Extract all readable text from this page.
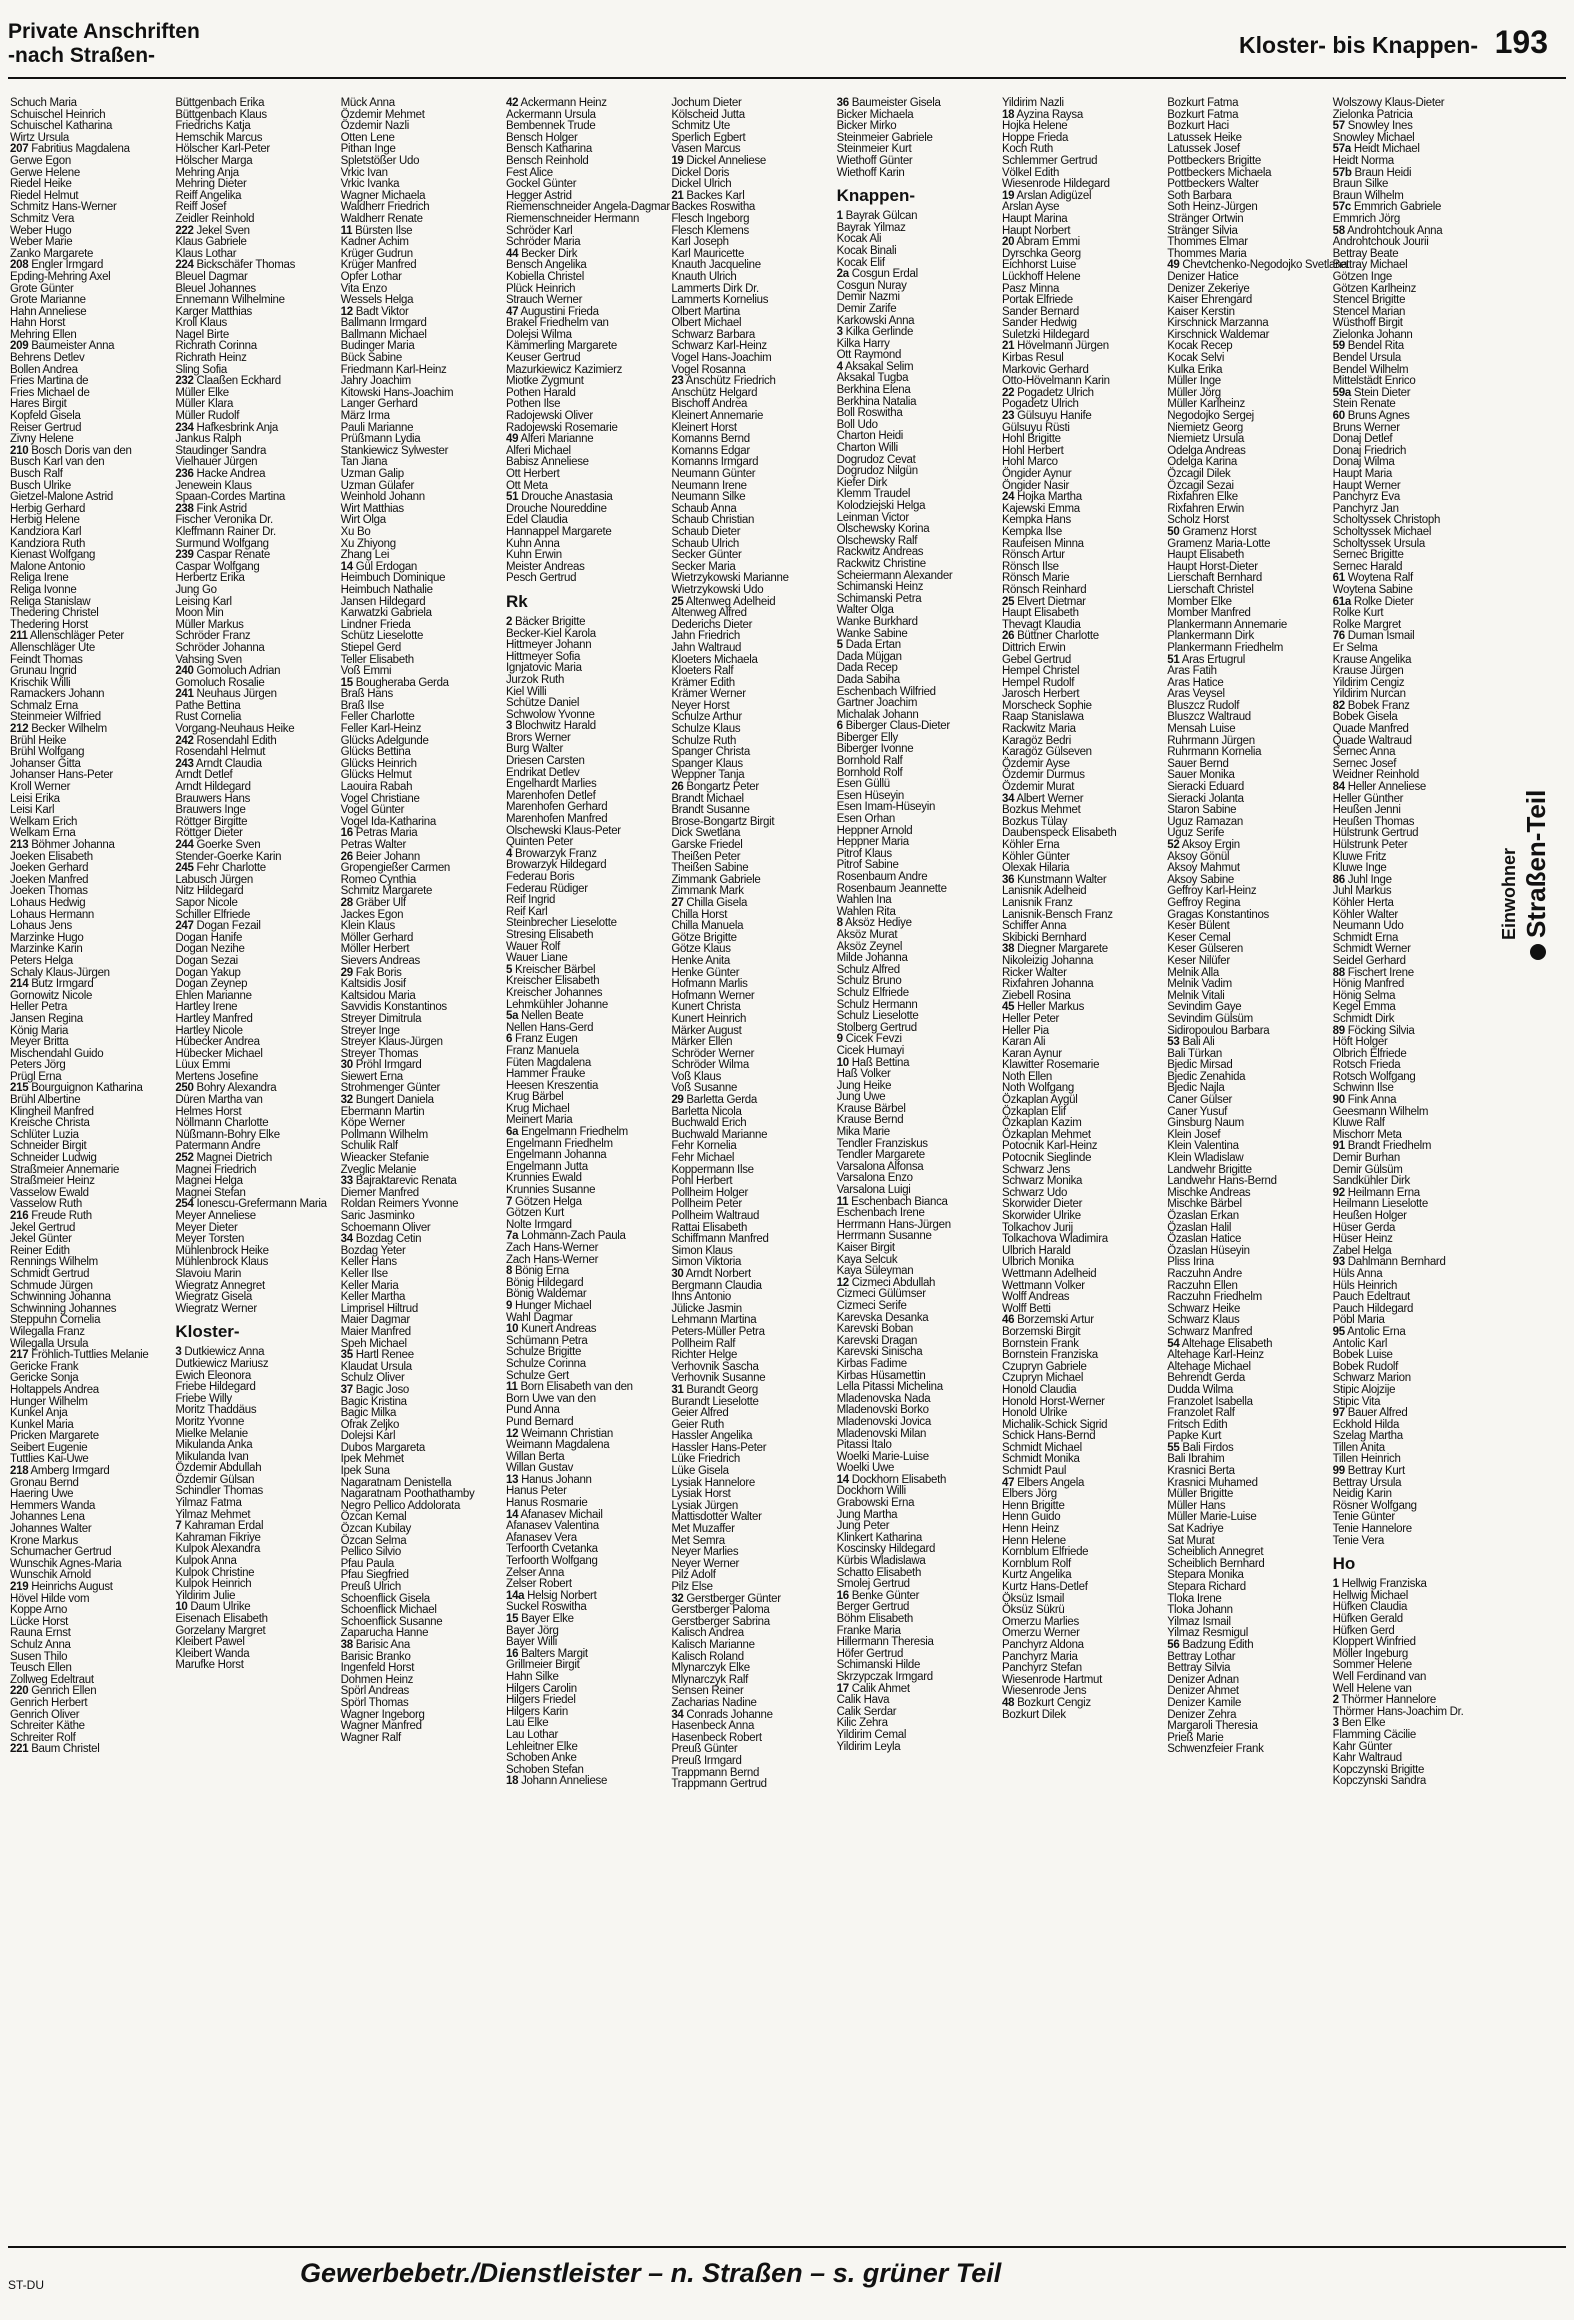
Private Anschriften
-nach Straßen-	Kloster- bis Knappen- 193
Schuch Maria
Schuischel Heinrich
Schuischel Katharina
Wirtz Ursula
207 Fabritius Magdalena
Gerwe Egon
Gerwe Helene
Riedel Heike
Riedel Helmut
Schmitz Hans-Werner
Schmitz Vera
Weber Hugo
Weber Marie
Zanko Margarete
208 Engler Irmgard
Epding-Mehring Axel
Grote Günter
Grote Marianne
Hahn Anneliese
Hahn Horst
Mehring Ellen
209 Baumeister Anna
Behrens Detlev
Bollen Andrea
Fries Martina de
Fries Michael de
Hares Birgit
Kopfeld Gisela
Reiser Gertrud
Zivny Helene
210 Bosch Doris van den
Busch Karl van den
Busch Ralf
Busch Ulrike
Gietzel-Malone Astrid
Herbig Gerhard
Herbig Helene
Kandziora Karl
Kandziora Ruth
Kienast Wolfgang
Malone Antonio
Religa Irene
Religa Ivonne
Religa Stanislaw
Thedering Christel
Thedering Horst
211 Allenschläger Peter
Allenschläger Ute
Feindt Thomas
Grunau Ingrid
Krischik Willi
Ramackers Johann
Schmalz Erna
Steinmeier Wilfried
212 Becker Wilhelm
Brühl Heike
Brühl Wolfgang
Johanser Gitta
Johanser Hans-Peter
Kroll Werner
Leisi Erika
Leisi Karl
Welkam Erich
Welkam Erna
213 Böhmer Johanna
Joeken Elisabeth
Joeken Gerhard
Joeken Manfred
Joeken Thomas
Lohaus Hedwig
Lohaus Hermann
Lohaus Jens
Marzinke Hugo
Marzinke Karin
Peters Helga
Schaly Klaus-Jürgen
214 Butz Irmgard
Gornowitz Nicole
Heller Petra
Jansen Regina
König Maria
Meyer Britta
Mischendahl Guido
Peters Jörg
Prügl Erna
215 Bourguignon Katharina
Brühl Albertine
Klingheil Manfred
Kreische Christa
Schlüter Luzia
Schneider Birgit
Schneider Ludwig
Straßmeier Annemarie
Straßmeier Heinz
Vasselow Ewald
Vasselow Ruth
216 Freude Ruth
Jekel Gertrud
Jekel Günter
Reiner Edith
Rennings Wilhelm
Schmidt Gertrud
Schmude Jürgen
Schwinning Johanna
Schwinning Johannes
Steppuhn Cornelia
Wilegalla Franz
Wilegalla Ursula
217 Fröhlich-Tuttlies Melanie
Gericke Frank
Gericke Sonja
Holtappels Andrea
Hunger Wilhelm
Kunkel Anja
Kunkel Maria
Pricken Margarete
Seibert Eugenie
Tuttlies Kai-Uwe
218 Amberg Irmgard
Gronau Bernd
Haering Uwe
Hemmers Wanda
Johannes Lena
Johannes Walter
Krone Markus
Schumacher Gertrud
Wunschik Agnes-Maria
Wunschik Arnold
219 Heinrichs August
Hövel Hilde vom
Koppe Arno
Lücke Horst
Rauna Ernst
Schulz Anna
Susen Thilo
Teusch Ellen
Zollweg Edeltraut
220 Genrich Ellen
Genrich Herbert
Genrich Oliver
Schreiter Käthe
Schreiter Rolf
221 Baum Christel
Büttgenbach Erika
Büttgenbach Klaus
Friedrichs Katja
Hemschik Marcus
Hölscher Karl-Peter
Hölscher Marga
Mehring Anja
Mehring Dieter
Reiff Angelika
Reiff Josef
Zeidler Reinhold
222 Jekel Sven
Klaus Gabriele
Klaus Lothar
224 Bickschäfer Thomas
Bleuel Dagmar
Bleuel Johannes
Ennemann Wilhelmine
Karger Matthias
Kroll Klaus
Nagel Birte
Richrath Corinna
Richrath Heinz
Sling Sofia
232 Claaßen Eckhard
Müller Elke
Müller Klara
Müller Rudolf
234 Hafkesbrink Anja
Jankus Ralph
Staudinger Sandra
Vielhauer Jürgen
236 Hacke Andrea
Jenewein Klaus
Spaan-Cordes Martina
238 Fink Astrid
Fischer Veronika Dr.
Kleffmann Rainer Dr.
Surmund Wolfgang
239 Caspar Renate
Caspar Wolfgang
Herbertz Erika
Jung Go
Leising Karl
Moon Min
Müller Markus
Schröder Franz
Schröder Johanna
Vahsing Sven
240 Gomoluch Adrian
Gomoluch Rosalie
241 Neuhaus Jürgen
Pathe Bettina
Rust Cornelia
Vorgang-Neuhaus Heike
242 Rosendahl Edith
Rosendahl Helmut
243 Arndt Claudia
Arndt Detlef
Arndt Hildegard
Brauwers Hans
Brauwers Inge
Röttger Birgitte
Röttger Dieter
244 Goerke Sven
Stender-Goerke Karin
245 Fehr Charlotte
Labusch Jürgen
Nitz Hildegard
Sapor Nicole
Schiller Elfriede
247 Dogan Fezail
Dogan Hanife
Dogan Nezihe
Dogan Sezai
Dogan Yakup
Dogan Zeynep
Ehlen Marianne
Hartley Irene
Hartley Manfred
Hartley Nicole
Hübecker Andrea
Hübecker Michael
Lüux Emmi
Mertens Josefine
250 Bohry Alexandra
Düren Martha van
Helmes Horst
Nöllmann Charlotte
Nüßmann-Bohry Elke
Patermann Andre
252 Magnei Dietrich
Magnei Friedrich
Magnei Helga
Magnei Stefan
254 Ionescu-Grefermann Maria
Meyer Anneliese
Meyer Dieter
Meyer Torsten
Mühlenbrock Heike
Mühlenbrock Klaus
Slavoiu Marin
Wiegratz Annegret
Wiegratz Gisela
Wiegratz Werner
Kloster-
3 Dutkiewicz Anna
Dutkiewicz Mariusz
Ewich Eleonora
Friebe Hildegard
Friebe Willy
Moritz Thaddäus
Moritz Yvonne
Mielke Melanie
Mikulanda Anka
Mikulanda Ivan
Özdemir Abdullah
Özdemir Gülsan
Schindler Thomas
Yilmaz Fatma
Yilmaz Mehmet
7 Kahraman Erdal
Kahraman Fikriye
Kulpok Alexandra
Kulpok Anna
Kulpok Christine
Kulpok Heinrich
Yildirim Julie
10 Daum Ulrike
Eisenach Elisabeth
Gorzelany Margret
Kleibert Pawel
Kleibert Wanda
Marufke Horst
Mück Anna
Özdemir Mehmet
Özdemir Nazli
Otten Lene
Pithan Inge
Spletstößer Udo
Vrkic Ivan
Vrkic Ivanka
Wagner Michaela
Waldherr Friedrich
Waldherr Renate
11 Bürsten Ilse
Kadner Achim
Krüger Gudrun
Krüger Manfred
Opfer Lothar
Vita Enzo
Wessels Helga
12 Badt Viktor
Ballmann Irmgard
Ballmann Michael
Budinger Maria
Bück Sabine
Friedmann Karl-Heinz
Jahry Joachim
Kitowski Hans-Joachim
Langer Gerhard
März Irma
Pauli Marianne
Prüßmann Lydia
Stankiewicz Sylwester
Tan Jiana
Uzman Galip
Uzman Gülafer
Weinhold Johann
Wirt Matthias
Wirt Olga
Xu Bo
Xu Zhiyong
Zhang Lei
14 Gül Erdogan
Heimbuch Dominique
Heimbuch Nathalie
Jansen Hildegard
Karwatzki Gabriela
Lindner Frieda
Schütz Lieselotte
Stiepel Gerd
Teller Elisabeth
Voß Emmi
15 Bougheraba Gerda
Braß Hans
Braß Ilse
Feller Charlotte
Feller Karl-Heinz
Glücks Adelgunde
Glücks Bettina
Glücks Heinrich
Glücks Helmut
Laouira Rabah
Vogel Christiane
Vogel Günter
Vogel Ida-Katharina
16 Petras Maria
Petras Walter
26 Beier Johann
Gropengießer Carmen
Romeo Cynthia
Schmitz Margarete
28 Gräber Ulf
Jackes Egon
Klein Klaus
Möller Gerhard
Möller Herbert
Sievers Andreas
29 Fak Boris
Kaltsidis Josif
Kaltsidou Maria
Savvidis Konstantinos
Streyer Dimitrula
Streyer Inge
Streyer Klaus-Jürgen
Streyer Thomas
30 Pröhl Irmgard
Siewert Erna
Strohmenger Günter
32 Bungert Daniela
Ebermann Martin
Köpe Werner
Pollmann Wilhelm
Schulik Ralf
Wieacker Stefanie
Zveglic Melanie
33 Bajraktarevic Renata
Diemer Manfred
Roldan Reimers Yvonne
Saric Jasminko
Schoemann Oliver
34 Bozdag Cetin
Bozdag Yeter
Keller Hans
Keller Ilse
Keller Maria
Keller Martha
Limprisel Hiltrud
Maier Dagmar
Maier Manfred
Speh Michael
35 Hartl Renee
Klaudat Ursula
Schulz Oliver
37 Bagic Joso
Bagic Kristina
Bagic Milka
Ofrak Zeljko
Dolejsi Karl
Dubos Margareta
Ipek Mehmet
Ipek Suna
Nagaratnam Denistella
Nagaratnam Poothathamby
Negro Pellico Addolorata
Özcan Kemal
Özcan Kubilay
Özcan Selma
Pellico Silvio
Pfau Paula
Pfau Siegfried
Preuß Ulrich
Schoenflick Gisela
Schoenflick Michael
Schoenflick Susanne
Zaparucha Hanne
38 Barisic Ana
Barisic Branko
Ingenfeld Horst
Dohmen Heinz
Spörl Andreas
Spörl Thomas
Wagner Ingeborg
Wagner Manfred
Wagner Ralf
42 Ackermann Heinz
Ackermann Ursula
Bembennek Trude
Bensch Holger
Bensch Katharina
Bensch Reinhold
Fest Alice
Gockel Günter
Hegger Astrid
Riemenschneider Angela-Dagmar
Riemenschneider Hermann
Schröder Karl
Schröder Maria
44 Becker Dirk
Bensch Angelika
Kobiella Christel
Plück Heinrich
Strauch Werner
47 Augustini Frieda
Brakel Friedhelm van
Dolejsi Wilma
Kämmerling Margarete
Keuser Gertrud
Mazurkiewicz Kazimierz
Miotke Zygmunt
Pothen Harald
Pothen Ilse
Radojewski Oliver
Radojewski Rosemarie
49 Alferi Marianne
Alferi Michael
Babisz Anneliese
Ott Herbert
Ott Meta
51 Drouche Anastasia
Drouche Noureddine
Edel Claudia
Hannappel Margarete
Kuhn Anna
Kuhn Erwin
Meister Andreas
Pesch Gertrud
Rk
2 Bäcker Brigitte
Becker-Kiel Karola
Hittmeyer Johann
Hittmeyer Sofia
Ignjatovic Maria
Jurzok Ruth
Kiel Willi
Schütze Daniel
Schwolow Yvonne
3 Blochwitz Harald
Brors Werner
Burg Walter
Driesen Carsten
Endrikat Detlev
Engelhardt Marlies
Marenhofen Detlef
Marenhofen Gerhard
Marenhofen Manfred
Olschewski Klaus-Peter
Quinten Peter
4 Browarzyk Franz
Browarzyk Hildegard
Federau Boris
Federau Rüdiger
Reif Ingrid
Reif Karl
Steinbrecher Lieselotte
Stresing Elisabeth
Wauer Rolf
Wauer Liane
5 Kreischer Bärbel
Kreischer Elisabeth
Kreischer Johannes
Lehmkühler Johanne
5a Nellen Beate
Nellen Hans-Gerd
6 Franz Eugen
Franz Manuela
Füten Magdalena
Hammer Frauke
Heesen Kreszentia
Krug Bärbel
Krug Michael
Meinert Maria
6a Engelmann Friedhelm
Engelmann Friedhelm
Engelmann Johanna
Engelmann Jutta
Krunnies Ewald
Krunnies Susanne
7 Götzen Helga
Götzen Kurt
Nolte Irmgard
7a Lohmann-Zach Paula
Zach Hans-Werner
Zach Hans-Werner
8 Bönig Erna
Bönig Hildegard
Bönig Waldemar
9 Hunger Michael
Wahl Dagmar
10 Kunert Andreas
Schümann Petra
Schulze Brigitte
Schulze Corinna
Schulze Gert
11 Born Elisabeth van den
Born Uwe van den
Pund Anna
Pund Bernard
12 Weimann Christian
Weimann Magdalena
Willan Berta
Willan Gustav
13 Hanus Johann
Hanus Peter
Hanus Rosmarie
14 Afanasev Michail
Afanasev Valentina
Afanasev Vera
Terfoorth Cvetanka
Terfoorth Wolfgang
Zelser Anna
Zelser Robert
14a Helsig Norbert
Suckel Roswitha
15 Bayer Elke
Bayer Jörg
Bayer Willi
16 Balters Margit
Grillmeier Birgit
Hahn Silke
Hilgers Carolin
Hilgers Friedel
Hilgers Karin
Lau Elke
Lau Lothar
Lehleitner Elke
Schoben Anke
Schoben Stefan
18 Johann Anneliese
Jochum Dieter
Kölscheid Jutta
Schmitz Ute
Sperlich Egbert
Vasen Marcus
19 Dickel Anneliese
Dickel Doris
Dickel Ulrich
21 Backes Karl
Backes Roswitha
Flesch Ingeborg
Flesch Klemens
Karl Joseph
Karl Mauricette
Knauth Jacqueline
Knauth Ulrich
Lammerts Dirk Dr.
Lammerts Kornelius
Olbert Martina
Olbert Michael
Schwarz Barbara
Schwarz Karl-Heinz
Vogel Hans-Joachim
Vogel Rosanna
23 Anschütz Friedrich
Anschütz Helgard
Bischoff Andrea
Kleinert Annemarie
Kleinert Horst
Komanns Bernd
Komanns Edgar
Komanns Irmgard
Neumann Günter
Neumann Irene
Neumann Silke
Schaub Anna
Schaub Christian
Schaub Dieter
Schaub Ulrich
Secker Günter
Secker Maria
Wietrzykowski Marianne
Wietrzykowski Udo
25 Altenweg Adelheid
Altenweg Alfred
Dederichs Dieter
Jahn Friedrich
Jahn Waltraud
Kloeters Michaela
Kloeters Ralf
Krämer Edith
Krämer Werner
Neyer Horst
Schulze Arthur
Schulze Klaus
Schulze Ruth
Spanger Christa
Spanger Klaus
Weppner Tanja
26 Bongartz Peter
Brandt Michael
Brandt Susanne
Brose-Bongartz Birgit
Dick Swetlana
Garske Friedel
Theißen Peter
Theißen Sabine
Zimmank Gabriele
Zimmank Mark
27 Chilla Gisela
Chilla Horst
Chilla Manuela
Götze Brigitte
Götze Klaus
Henke Anita
Henke Günter
Hofmann Marlis
Hofmann Werner
Kunert Christa
Kunert Heinrich
Märker August
Märker Ellen
Schröder Werner
Schröder Wilma
Voß Klaus
Voß Susanne
29 Barletta Gerda
Barletta Nicola
Buchwald Erich
Buchwald Marianne
Fehr Kornelia
Fehr Michael
Koppermann Ilse
Pohl Herbert
Pollheim Holger
Pollheim Peter
Pollheim Waltraud
Rattai Elisabeth
Schiffmann Manfred
Simon Klaus
Simon Viktoria
30 Arndt Norbert
Bergmann Claudia
Ihns Antonio
Jülicke Jasmin
Lehmann Martina
Peters-Müller Petra
Pollheim Ralf
Richter Helge
Verhovnik Sascha
Verhovnik Susanne
31 Burandt Georg
Burandt Lieselotte
Geier Alfred
Geier Ruth
Hassler Angelika
Hassler Hans-Peter
Lüke Friedrich
Lüke Gisela
Lysiak Hannelore
Lysiak Horst
Lysiak Jürgen
Mattisdotter Walter
Met Muzaffer
Met Semra
Neyer Marlies
Neyer Werner
Pilz Adolf
Pilz Else
32 Gerstberger Günter
Gerstberger Paloma
Gerstberger Sabrina
Kalisch Andrea
Kalisch Marianne
Kalisch Roland
Mlynarczyk Elke
Mlynarczyk Ralf
Sensen Reiner
Zacharias Nadine
34 Conrads Johanne
Hasenbeck Anna
Hasenbeck Robert
Preuß Günter
Preuß Irmgard
Trappmann Bernd
Trappmann Gertrud
36 Baumeister Gisela
Bicker Michaela
Bicker Mirko
Steinmeier Gabriele
Steinmeier Kurt
Wiethoff Günter
Wiethoff Karin
Knappen-
1 Bayrak Gülcan
Bayrak Yilmaz
Kocak Ali
Kocak Binali
Kocak Elif
2a Cosgun Erdal
Cosgun Nuray
Demir Nazmi
Demir Zarife
Karkowski Anna
3 Kilka Gerlinde
Kilka Harry
Ott Raymond
4 Aksakal Selim
Aksakal Tugba
Berkhina Elena
Berkhina Natalia
Boll Roswitha
Boll Udo
Charton Heidi
Charton Willi
Dogrudoz Cevat
Dogrudoz Nilgün
Kiefer Dirk
Klemm Traudel
Kolodziejski Helga
Leinman Victor
Olschewsky Korina
Olschewsky Ralf
Rackwitz Andreas
Rackwitz Christine
Scheiermann Alexander
Schimanski Heinz
Schimanski Petra
Walter Olga
Wanke Burkhard
Wanke Sabine
5 Dada Ertan
Dada Müjgan
Dada Recep
Dada Sabiha
Eschenbach Wilfried
Gartner Joachim
Michalak Johann
6 Biberger Claus-Dieter
Biberger Elly
Biberger Ivonne
Bornhold Ralf
Bornhold Rolf
Esen Güllü
Esen Hüseyin
Esen Imam-Hüseyin
Esen Orhan
Heppner Arnold
Heppner Maria
Pitrof Klaus
Pitrof Sabine
Rosenbaum Andre
Rosenbaum Jeannette
Wahlen Ina
Wahlen Rita
8 Aksöz Hediye
Aksöz Murat
Aksöz Zeynel
Milde Johanna
Schulz Alfred
Schulz Bruno
Schulz Elfriede
Schulz Hermann
Schulz Lieselotte
Stolberg Gertrud
9 Cicek Fevzi
Cicek Humayi
10 Haß Bettina
Haß Volker
Jung Heike
Jung Uwe
Krause Bärbel
Krause Bernd
Mika Marie
Tendler Franziskus
Tendler Margarete
Varsalona Alfonsa
Varsalona Enzo
Varsalona Luigi
11 Eschenbach Bianca
Eschenbach Irene
Herrmann Hans-Jürgen
Herrmann Susanne
Kaiser Birgit
Kaya Selcuk
Kaya Süleyman
12 Cizmeci Abdullah
Cizmeci Gülümser
Cizmeci Serife
Karevska Desanka
Karevski Boban
Karevski Dragan
Karevski Sinischa
Kirbas Fadime
Kirbas Hüsamettin
Lella Pitassi Michelina
Mladenovska Nada
Mladenovski Borko
Mladenovski Jovica
Mladenovski Milan
Pitassi Italo
Woelki Marie-Luise
Woelki Uwe
14 Dockhorn Elisabeth
Dockhorn Willi
Grabowski Erna
Jung Martha
Jung Peter
Klinkert Katharina
Koscinsky Hildegard
Kürbis Wladislawa
Schatto Elisabeth
Smolej Gertrud
16 Benke Günter
Berger Gertrud
Böhm Elisabeth
Franke Maria
Hillermann Theresia
Höfer Gertrud
Schimanski Hilde
Skrzypczak Irmgard
17 Calik Ahmet
Calik Hava
Calik Serdar
Kilic Zehra
Yildirim Cemal
Yildirim Leyla
Yildirim Nazli
18 Ayzina Raysa
Hojka Helene
Hoppe Frieda
Koch Ruth
Schlemmer Gertrud
Völkel Edith
Wiesenrode Hildegard
19 Arslan Adigüzel
Arslan Ayse
Haupt Marina
Haupt Norbert
20 Abram Emmi
Dyrschka Georg
Eichhorst Luise
Lückhoff Helene
Pasz Minna
Portak Elfriede
Sander Bernard
Sander Hedwig
Suletzki Hildegard
21 Hövelmann Jürgen
Kirbas Resul
Markovic Gerhard
Otto-Hövelmann Karin
22 Pogadetz Ulrich
Pogadetz Ulrich
23 Gülsuyu Hanife
Gülsuyu Rüsti
Hohl Brigitte
Hohl Herbert
Hohl Marco
Öngider Aynur
Öngider Nasir
24 Hojka Martha
Kajewski Emma
Kempka Hans
Kempka Ilse
Raufeisen Minna
Rönsch Artur
Rönsch Ilse
Rönsch Marie
Rönsch Reinhard
25 Elvert Dietmar
Haupt Elisabeth
Thevagt Klaudia
26 Büttner Charlotte
Dittrich Erwin
Gebel Gertrud
Hempel Christel
Hempel Rudolf
Jarosch Herbert
Morscheck Sophie
Raap Stanislawa
Rackwitz Maria
Karagöz Bedri
Karagöz Gülseven
Özdemir Ayse
Özdemir Durmus
Özdemir Murat
34 Albert Werner
Bozkus Mehmet
Bozkus Tülay
Daubenspeck Elisabeth
Köhler Erna
Köhler Günter
Olexak Hilaria
36 Kunstmann Walter
Lanisnik Adelheid
Lanisnik Franz
Lanisnik-Bensch Franz
Schiffer Anna
Skibicki Bernhard
38 Diegner Margarete
Nikoleizig Johanna
Ricker Walter
Rixfahren Johanna
Ziebell Rosina
45 Heller Markus
Heller Peter
Heller Pia
Karan Ali
Karan Aynur
Klawitter Rosemarie
Noth Ellen
Noth Wolfgang
Özkaplan Aygül
Özkaplan Elif
Özkaplan Kazim
Özkaplan Mehmet
Potocnik Karl-Heinz
Potocnik Sieglinde
Schwarz Jens
Schwarz Monika
Schwarz Udo
Skorwider Dieter
Skorwider Ulrike
Tolkachov Jurij
Tolkachova Wladimira
Ulbrich Harald
Ulbrich Monika
Wettmann Adelheid
Wettmann Volker
Wolff Andreas
Wolff Betti
46 Borzemski Artur
Borzemski Birgit
Bornstein Frank
Bornstein Franziska
Czupryn Gabriele
Czupryn Michael
Honold Claudia
Honold Horst-Werner
Honold Ulrike
Michalik-Schick Sigrid
Schick Hans-Bernd
Schmidt Michael
Schmidt Monika
Schmidt Paul
47 Elbers Angela
Elbers Jörg
Henn Brigitte
Henn Guido
Henn Heinz
Henn Helene
Kornblum Elfriede
Kornblum Rolf
Kurtz Angelika
Kurtz Hans-Detlef
Öksüz Ismail
Öksüz Sükrü
Omerzu Marlies
Omerzu Werner
Panchyrz Aldona
Panchyrz Maria
Panchyrz Stefan
Wiesenrode Hartmut
Wiesenrode Jens
48 Bozkurt Cengiz
Bozkurt Dilek
Bozkurt Fatma
Bozkurt Fatma
Bozkurt Haci
Latussek Heike
Latussek Josef
Pottbeckers Brigitte
Pottbeckers Michaela
Pottbeckers Walter
Soth Barbara
Soth Heinz-Jürgen
Stränger Ortwin
Stränger Silvia
Thommes Elmar
Thommes Maria
49 Chevtchenko-Negodojko Svetlana
Denizer Hatice
Denizer Zekeriye
Kaiser Ehrengard
Kaiser Kerstin
Kirschnick Marzanna
Kirschnick Waldemar
Kocak Recep
Kocak Selvi
Kulka Erika
Müller Inge
Müller Jörg
Müller Karlheinz
Negodojko Sergej
Niemietz Georg
Niemietz Ursula
Odelga Andreas
Odelga Karina
Özcagil Dilek
Özcagil Sezai
Rixfahren Elke
Rixfahren Erwin
Scholz Horst
50 Gramenz Horst
Gramenz Maria-Lotte
Haupt Elisabeth
Haupt Horst-Dieter
Lierschaft Bernhard
Lierschaft Christel
Momber Elke
Momber Manfred
Plankermann Annemarie
Plankermann Dirk
Plankermann Friedhelm
51 Aras Ertugrul
Aras Fatih
Aras Hatice
Aras Veysel
Bluszcz Rudolf
Bluszcz Waltraud
Mensah Luise
Ruhrmann Jürgen
Ruhrmann Kornelia
Sauer Bernd
Sauer Monika
Sieracki Eduard
Sieracki Jolanta
Staron Sabine
Uguz Ramazan
Uguz Serife
52 Aksoy Ergin
Aksoy Gönül
Aksoy Mahmut
Aksoy Sabine
Geffroy Karl-Heinz
Geffroy Regina
Gragas Konstantinos
Keser Bülent
Keser Cemal
Keser Gülseren
Keser Nilüfer
Melnik Alla
Melnik Vadim
Melnik Vitali
Sevindim Gaye
Sevindim Gülsüm
Sidiropoulou Barbara
53 Bali Ali
Bali Türkan
Bjedic Mirsad
Bjedic Zenahida
Bjedic Najla
Caner Gülser
Caner Yusuf
Ginsburg Naum
Klein Josef
Klein Valentina
Klein Wladislaw
Landwehr Brigitte
Landwehr Hans-Bernd
Mischke Andreas
Mischke Bärbel
Özaslan Erkan
Özaslan Halil
Özaslan Hatice
Özaslan Hüseyin
Pliss Irina
Raczuhn Andre
Raczuhn Ellen
Raczuhn Friedhelm
Schwarz Heike
Schwarz Klaus
Schwarz Manfred
54 Altehage Elisabeth
Altehage Karl-Heinz
Altehage Michael
Behrendt Gerda
Dudda Wilma
Franzolet Isabella
Franzolet Ralf
Fritsch Edith
Papke Kurt
55 Bali Firdos
Bali Ibrahim
Krasnici Berta
Krasnici Muhamed
Müller Brigitte
Müller Hans
Müller Marie-Luise
Sat Kadriye
Sat Murat
Scheiblich Annegret
Scheiblich Bernhard
Stepara Monika
Stepara Richard
Tloka Irene
Tloka Johann
Yilmaz Ismail
Yilmaz Resmigul
56 Badzung Edith
Bettray Lothar
Bettray Silvia
Denizer Adnan
Denizer Ahmet
Denizer Kamile
Denizer Zehra
Margaroli Theresia
Prieß Marie
Schwenzfeier Frank
Wolszowy Klaus-Dieter
Zielonka Patricia
57 Snowley Ines
Snowley Michael
57a Heidt Michael
Heidt Norma
57b Braun Heidi
Braun Silke
Braun Wilhelm
57c Emmrich Gabriele
Emmrich Jörg
58 Androhtchouk Anna
Androhtchouk Jourii
Bettray Beate
Bettray Michael
Götzen Inge
Götzen Karlheinz
Stencel Brigitte
Stencel Marian
Wüsthoff Birgit
Zielonka Johann
59 Bendel Rita
Bendel Ursula
Bendel Wilhelm
Mittelstädt Enrico
59a Stein Dieter
Stein Renate
60 Bruns Agnes
Bruns Werner
Donaj Detlef
Donaj Friedrich
Donaj Wilma
Haupt Maria
Haupt Werner
Panchyrz Eva
Panchyrz Jan
Scholtyssek Christoph
Scholtyssek Michael
Scholtyssek Ursula
Sernec Brigitte
Sernec Harald
61 Woytena Ralf
Woytena Sabine
61a Rolke Dieter
Rolke Kurt
Rolke Margret
76 Duman Ismail
Er Selma
Krause Angelika
Krause Jürgen
Yildirim Cengiz
Yildirim Nurcan
82 Bobek Franz
Bobek Gisela
Quade Manfred
Quade Waltraud
Sernec Anna
Sernec Josef
Weidner Reinhold
84 Heller Anneliese
Heller Günther
Heußen Jenni
Heußen Thomas
Hülstrunk Gertrud
Hülstrunk Peter
Kluwe Fritz
Kluwe Inge
86 Juhl Inge
Juhl Markus
Köhler Herta
Köhler Walter
Neumann Udo
Schmidt Erna
Schmidt Werner
Seidel Gerhard
88 Fischert Irene
Hönig Manfred
Hönig Selma
Kegel Emma
Schmidt Dirk
89 Föcking Silvia
Höft Holger
Olbrich Elfriede
Rotsch Frieda
Rotsch Wolfgang
Schwinn Ilse
90 Fink Anna
Geesmann Wilhelm
Kluwe Ralf
Mischorr Meta
91 Brandt Friedhelm
Demir Burhan
Demir Gülsüm
Sandkühler Dirk
92 Heilmann Erna
Heilmann Lieselotte
Heußen Holger
Hüser Gerda
Hüser Heinz
Zabel Helga
93 Dahlmann Bernhard
Hüls Anna
Hüls Heinrich
Pauch Edeltraut
Pauch Hildegard
Pöbl Maria
95 Antolic Erna
Antolic Karl
Bobek Luise
Bobek Rudolf
Schwarz Marion
Stipic Alojzije
Stipic Vita
97 Bauer Alfred
Eckhold Hilda
Szelag Martha
Tillen Anita
Tillen Heinrich
99 Bettray Kurt
Bettray Ursula
Neidig Karin
Rösner Wolfgang
Tenie Günter
Tenie Hannelore
Tenie Vera
Ho
1 Hellwig Franziska
Hellwig Michael
Hüfken Claudia
Hüfken Gerald
Hüfken Gerd
Kloppert Winfried
Möller Ingeburg
Sommer Helene
Well Ferdinand van
Well Helene van
2 Thörmer Hannelore
Thörmer Hans-Joachim Dr.
3 Ben Elke
Flamming Cäcilie
Kahr Günter
Kahr Waltraud
Kopczynski Brigitte
Kopczynski Sandra
Einwohner Straßen-Teil
ST-DU	Gewerbebetr./Dienstleister – n. Straßen – s. grüner Teil
